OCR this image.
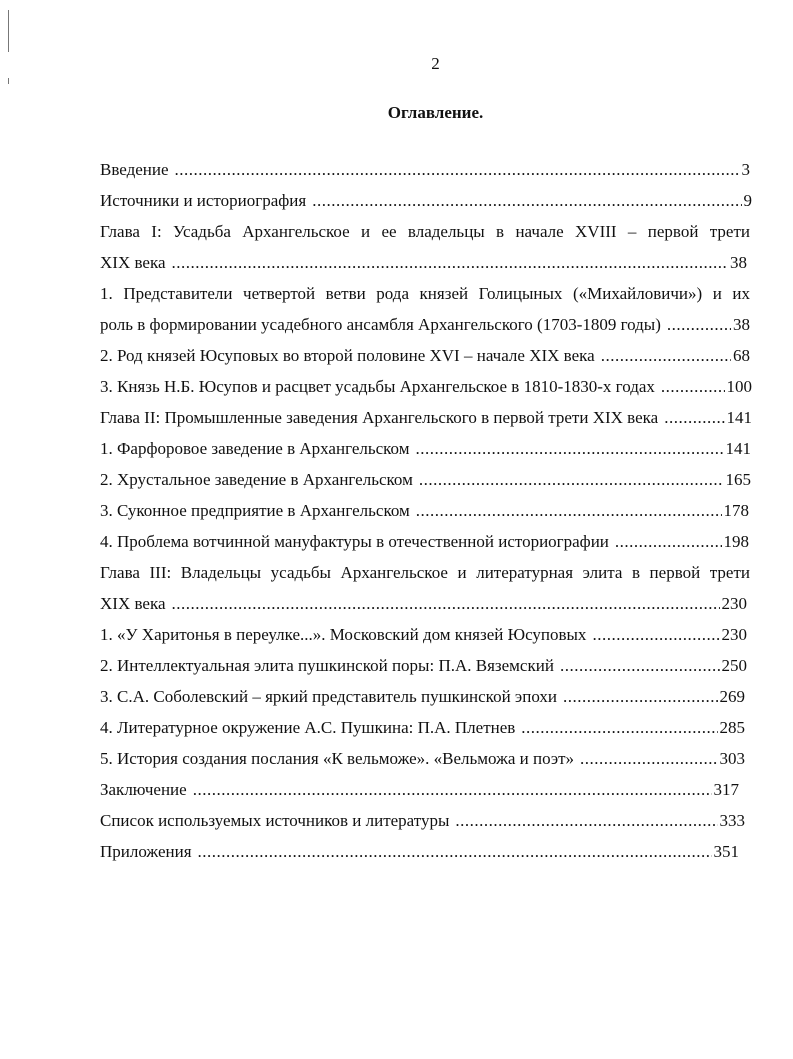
2
Оглавление.
Введение .....	3
Источники и историография .....	9
Глава I: Усадьба Архангельское и ее владельцы в начале XVIII – первой трети
XIX века .....	38
1. Представители четвертой ветви рода князей Голицыных («Михайловичи») и их
роль в формировании усадебного ансамбля Архангельского (1703-1809 годы) .....	38
2. Род князей Юсуповых во второй половине XVI – начале XIX века .....	68
3. Князь Н.Б. Юсупов и расцвет усадьбы Архангельское в 1810-1830-х годах .....	100
Глава II: Промышленные заведения Архангельского в первой трети XIX века .....	141
1. Фарфоровое заведение в Архангельском .....	141
2. Хрустальное заведение в Архангельском .....	165
3. Суконное предприятие в Архангельском .....	178
4. Проблема вотчинной мануфактуры в отечественной историографии .....	198
Глава III: Владельцы усадьбы Архангельское и литературная элита в первой трети
XIX века .....	230
1. «У Харитонья в переулке...». Московский дом князей Юсуповых .....	230
2. Интеллектуальная элита пушкинской поры: П.А. Вяземский .....	250
3. С.А. Соболевский – яркий представитель пушкинской эпохи .....	269
4. Литературное окружение А.С. Пушкина: П.А. Плетнев .....	285
5. История создания послания «К вельможе». «Вельможа и поэт» .....	303
Заключение .....	317
Список используемых источников и литературы .....	333
Приложения .....	351
